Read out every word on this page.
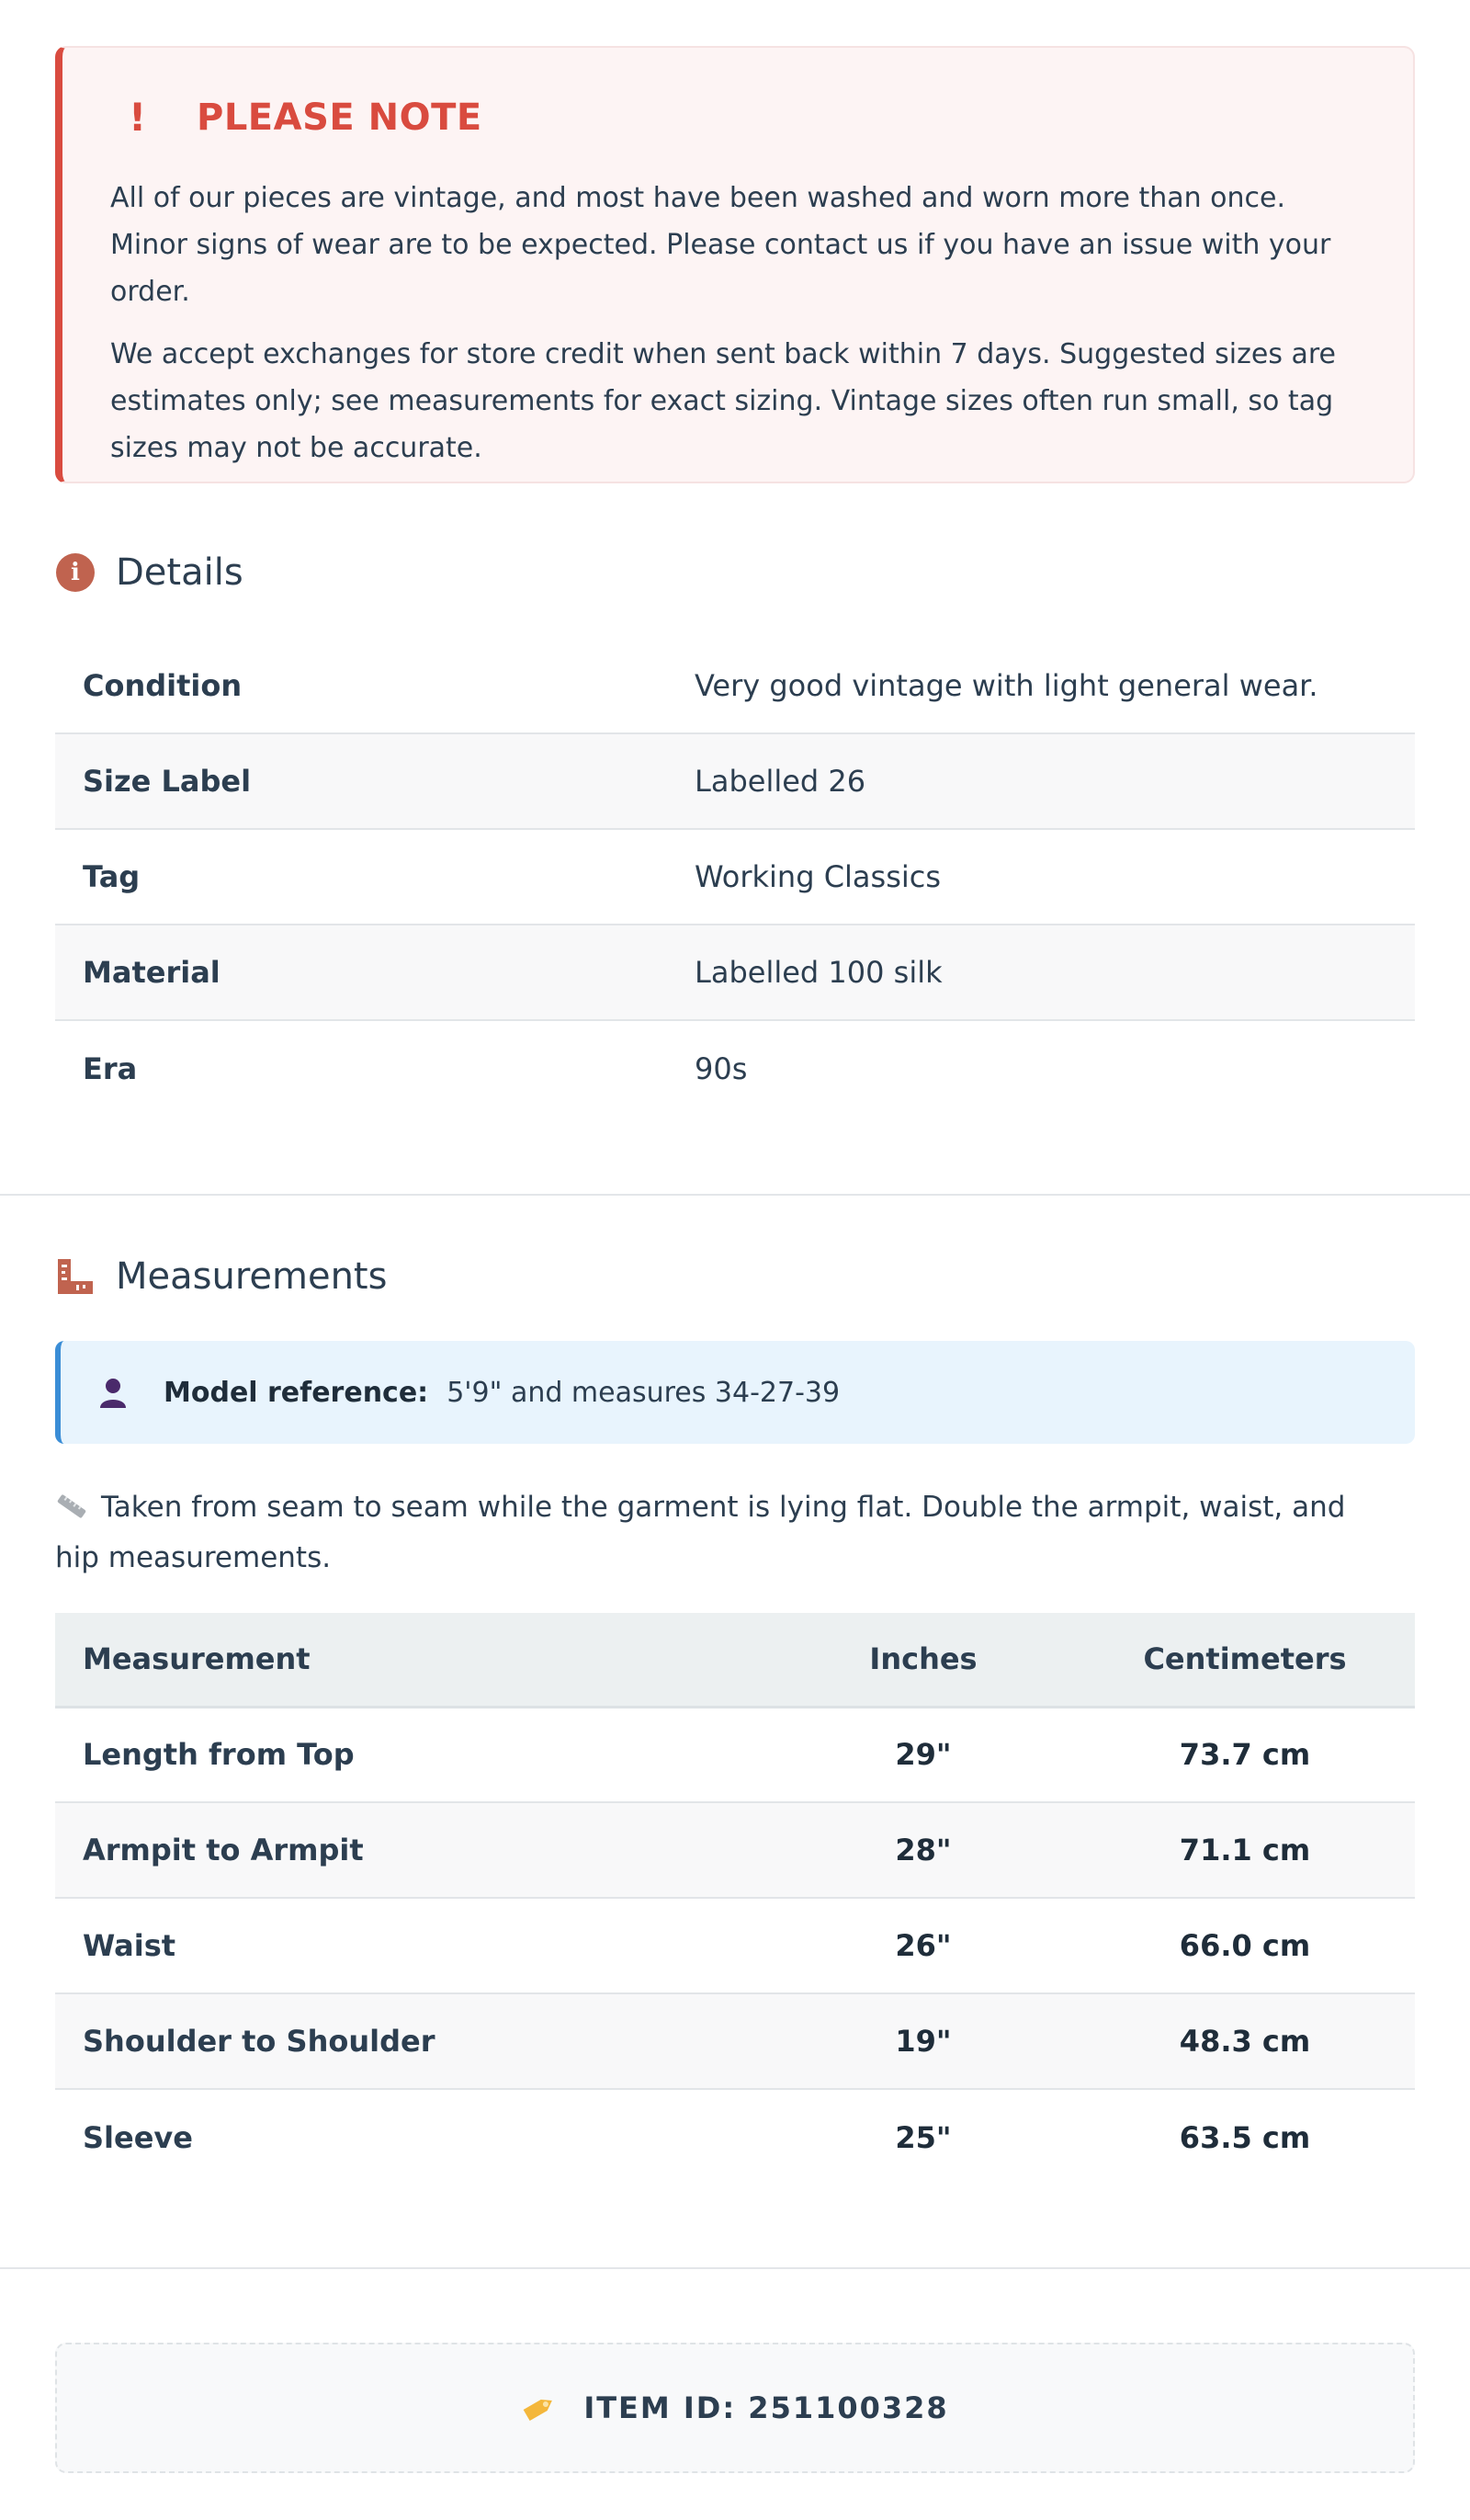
!	PLEASE NOTE

All of our pieces are vintage, and most have been washed and worn more than once. Minor signs of wear are to be expected. Please contact us if you have an issue with your order.

We accept exchanges for store credit when sent back within 7 days. Suggested sizes are estimates only; see measurements for exact sizing. Vintage sizes often run small, so tag sizes may not be accurate.

i Details
Condition	Very good vintage with light general wear.
Size Label	Labelled 26
Tag	Working Classics
Material	Labelled 100 silk
Era	90s
Measurements
Model reference: 5'9" and measures 34-27-39
Taken from seam to seam while the garment is lying flat. Double the armpit, waist, and hip measurements.
Measurement	Inches	Centimeters
Length from Top	29"	73.7 cm
Armpit to Armpit	28"	71.1 cm
Waist	26"	66.0 cm
Shoulder to Shoulder	19"	48.3 cm
Sleeve	25"	63.5 cm
ITEM ID: 251100328
